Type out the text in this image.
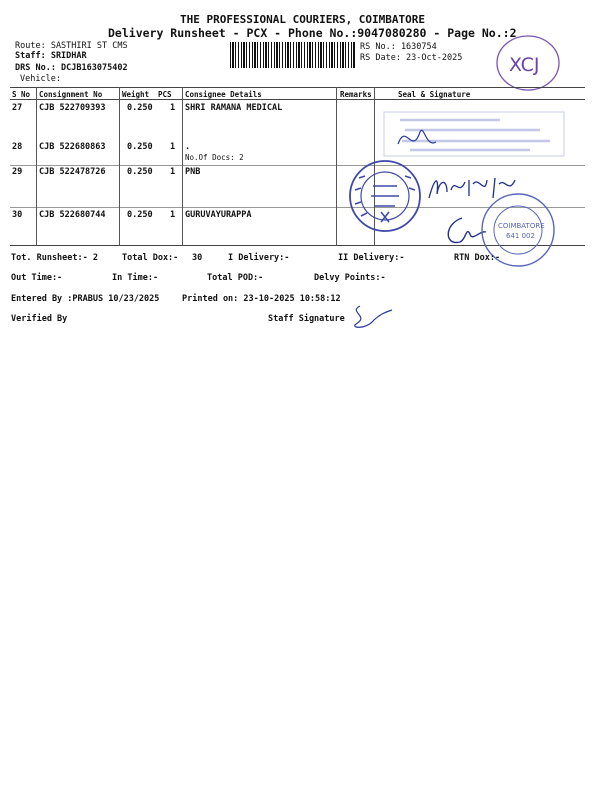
THE PROFESSIONAL COURIERS, COIMBATORE
Delivery Runsheet - PCX - Phone No.:9047080280 - Page No.:2
Route: SASTHIRI ST CMS
Staff: SRIDHAR
DRS No.: DCJB163075402
Vehicle:
RS No.: 1630754
RS Date: 23-Oct-2025 XCJ
S No Consignment No	Weight PCS Consignee Details	Remarks	Seal & Signature
27 CJB 522709393	0.250 1 SHRI RAMANA MEDICAL
28 CJB 522680863	0.250 1 .
No.Of Docs: 2
29 CJB 522478726	0.250 1 PNB
30 CJB 522680744	0.250 1 GURUVAYURAPPA
COIMBATORE
641 002
Tot. Runsheet:- 2	Total Dox:- 30	I Delivery:-	II Delivery:-	RTN Dox:-
Out Time:-	In Time:-	Total POD:-	Delvy Points:-
Entered By :PRABUS 10/23/2025	Printed on: 23-10-2025 10:58:12
Verified By	Staff Signature
